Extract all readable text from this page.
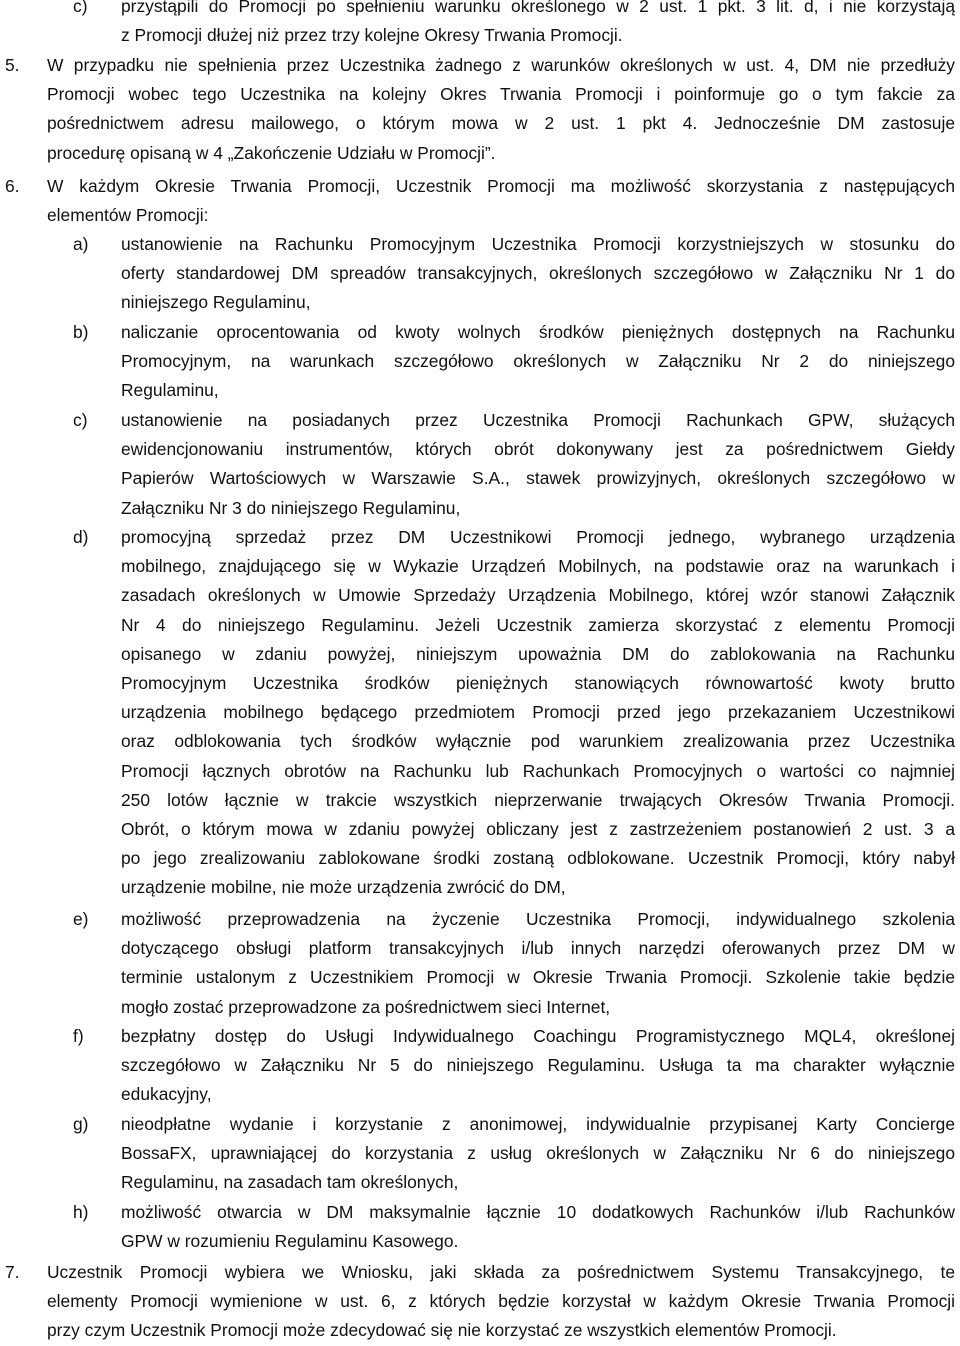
c) przystąpili do Promocji po spełnieniu warunku określonego w 2 ust. 1 pkt. 3 lit. d, i nie korzystają
z Promocji dłużej niż przez trzy kolejne Okresy Trwania Promocji.
5. W przypadku nie spełnienia przez Uczestnika żadnego z warunków określonych w ust. 4, DM nie przedłuży
Promocji wobec tego Uczestnika na kolejny Okres Trwania Promocji i poinformuje go o tym fakcie za
pośrednictwem adresu mailowego, o którym mowa w 2 ust. 1 pkt 4. Jednocześnie DM zastosuje
procedurę opisaną w 4 „Zakończenie Udziału w Promocji”.
6. W każdym Okresie Trwania Promocji, Uczestnik Promocji ma możliwość skorzystania z następujących
elementów Promocji:
a) ustanowienie na Rachunku Promocyjnym Uczestnika Promocji korzystniejszych w stosunku do
oferty standardowej DM spreadów transakcyjnych, określonych szczegółowo w Załączniku Nr 1 do
niniejszego Regulaminu,
b) naliczanie oprocentowania od kwoty wolnych środków pieniężnych dostępnych na Rachunku
Promocyjnym, na warunkach szczegółowo określonych w Załączniku Nr 2 do niniejszego
Regulaminu,
c) ustanowienie na posiadanych przez Uczestnika Promocji Rachunkach GPW, służących
ewidencjonowaniu instrumentów, których obrót dokonywany jest za pośrednictwem Giełdy
Papierów Wartościowych w Warszawie S.A., stawek prowizyjnych, określonych szczegółowo w
Załączniku Nr 3 do niniejszego Regulaminu,
d) promocyjną sprzedaż przez DM Uczestnikowi Promocji jednego, wybranego urządzenia
mobilnego, znajdującego się w Wykazie Urządzeń Mobilnych, na podstawie oraz na warunkach i
zasadach określonych w Umowie Sprzedaży Urządzenia Mobilnego, której wzór stanowi Załącznik
Nr 4 do niniejszego Regulaminu. Jeżeli Uczestnik zamierza skorzystać z elementu Promocji
opisanego w zdaniu powyżej, niniejszym upoważnia DM do zablokowania na Rachunku
Promocyjnym Uczestnika środków pieniężnych stanowiących równowartość kwoty brutto
urządzenia mobilnego będącego przedmiotem Promocji przed jego przekazaniem Uczestnikowi
oraz odblokowania tych środków wyłącznie pod warunkiem zrealizowania przez Uczestnika
Promocji łącznych obrotów na Rachunku lub Rachunkach Promocyjnych o wartości co najmniej
250 lotów łącznie w trakcie wszystkich nieprzerwanie trwających Okresów Trwania Promocji.
Obrót, o którym mowa w zdaniu powyżej obliczany jest z zastrzeżeniem postanowień 2 ust. 3 a
po jego zrealizowaniu zablokowane środki zostaną odblokowane. Uczestnik Promocji, który nabył
urządzenie mobilne, nie może urządzenia zwrócić do DM,
e) możliwość przeprowadzenia na życzenie Uczestnika Promocji, indywidualnego szkolenia
dotyczącego obsługi platform transakcyjnych i/lub innych narzędzi oferowanych przez DM w
terminie ustalonym z Uczestnikiem Promocji w Okresie Trwania Promocji. Szkolenie takie będzie
mogło zostać przeprowadzone za pośrednictwem sieci Internet,
f) bezpłatny dostęp do Usługi Indywidualnego Coachingu Programistycznego MQL4, określonej
szczegółowo w Załączniku Nr 5 do niniejszego Regulaminu. Usługa ta ma charakter wyłącznie
edukacyjny,
g) nieodpłatne wydanie i korzystanie z anonimowej, indywidualnie przypisanej Karty Concierge
BossaFX, uprawniającej do korzystania z usług określonych w Załączniku Nr 6 do niniejszego
Regulaminu, na zasadach tam określonych,
h) możliwość otwarcia w DM maksymalnie łącznie 10 dodatkowych Rachunków i/lub Rachunków
GPW w rozumieniu Regulaminu Kasowego.
7. Uczestnik Promocji wybiera we Wniosku, jaki składa za pośrednictwem Systemu Transakcyjnego, te
elementy Promocji wymienione w ust. 6, z których będzie korzystał w każdym Okresie Trwania Promocji
przy czym Uczestnik Promocji może zdecydować się nie korzystać ze wszystkich elementów Promocji.
